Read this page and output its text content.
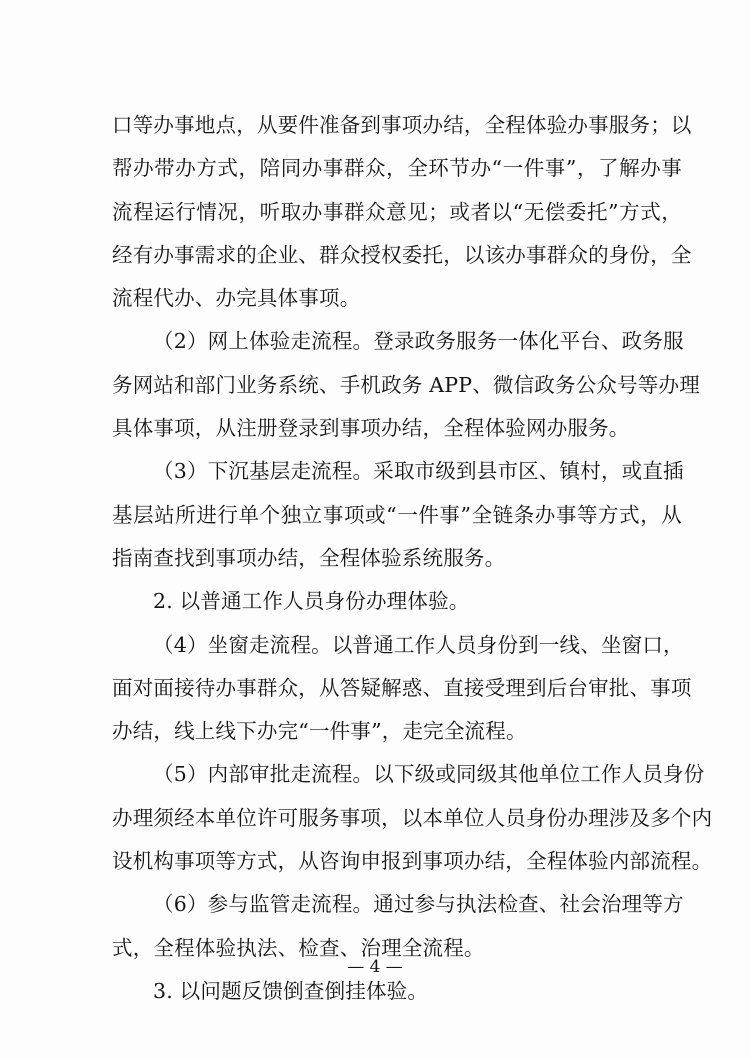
口等办事地点，从要件准备到事项办结，全程体验办事服务；以
帮办带办方式，陪同办事群众，全环节办“一件事”，了解办事
流程运行情况，听取办事群众意见；或者以“无偿委托”方式，
经有办事需求的企业、群众授权委托，以该办事群众的身份，全
流程代办、办完具体事项。
（2）网上体验走流程。登录政务服务一体化平台、政务服
务网站和部门业务系统、手机政务 APP、微信政务公众号等办理
具体事项，从注册登录到事项办结，全程体验网办服务。
（3）下沉基层走流程。采取市级到县市区、镇村，或直插
基层站所进行单个独立事项或“一件事”全链条办事等方式，从
指南查找到事项办结，全程体验系统服务。
2. 以普通工作人员身份办理体验。
（4）坐窗走流程。以普通工作人员身份到一线、坐窗口，
面对面接待办事群众，从答疑解惑、直接受理到后台审批、事项
办结，线上线下办完“一件事”，走完全流程。
（5）内部审批走流程。以下级或同级其他单位工作人员身份
办理须经本单位许可服务事项，以本单位人员身份办理涉及多个内
设机构事项等方式，从咨询申报到事项办结，全程体验内部流程。
（6）参与监管走流程。通过参与执法检查、社会治理等方
式，全程体验执法、检查、治理全流程。
3. 以问题反馈倒查倒挂体验。
— 4 —
